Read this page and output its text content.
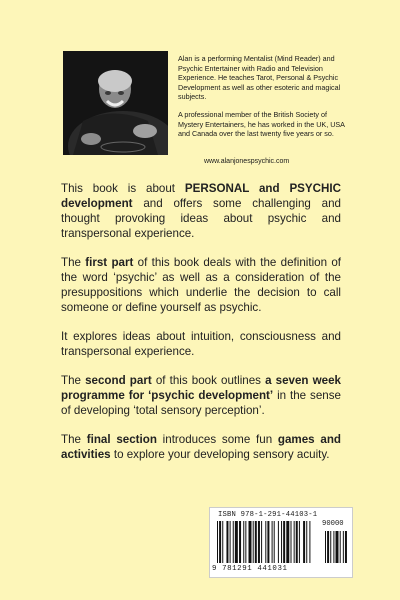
Alan is a performing Mentalist (Mind Reader) and Psychic Entertainer with Radio and Television Experience. He teaches Tarot, Personal & Psychic Development as well as other esoteric and magical subjects.

A professional member of the British Society of Mystery Entertainers, he has worked in the UK, USA and Canada over the last twenty five years or so.

www.alanjonespsychic.com

This book is about PERSONAL and PSYCHIC development and offers some challenging and thought provoking ideas about psychic and transpersonal experience.

The first part of this book deals with the definition of the word ‘psychic’ as well as a consideration of the presuppositions which underlie the decision to call someone or define yourself as psychic.

It explores ideas about intuition, consciousness and transpersonal experience.

The second part of this book outlines a seven week programme for ‘psychic development’ in the sense of developing ‘total sensory perception’.

The final section introduces some fun games and activities to explore your developing sensory acuity.

ISBN 978-1-291-44103-1
90000
9 781291 441031
